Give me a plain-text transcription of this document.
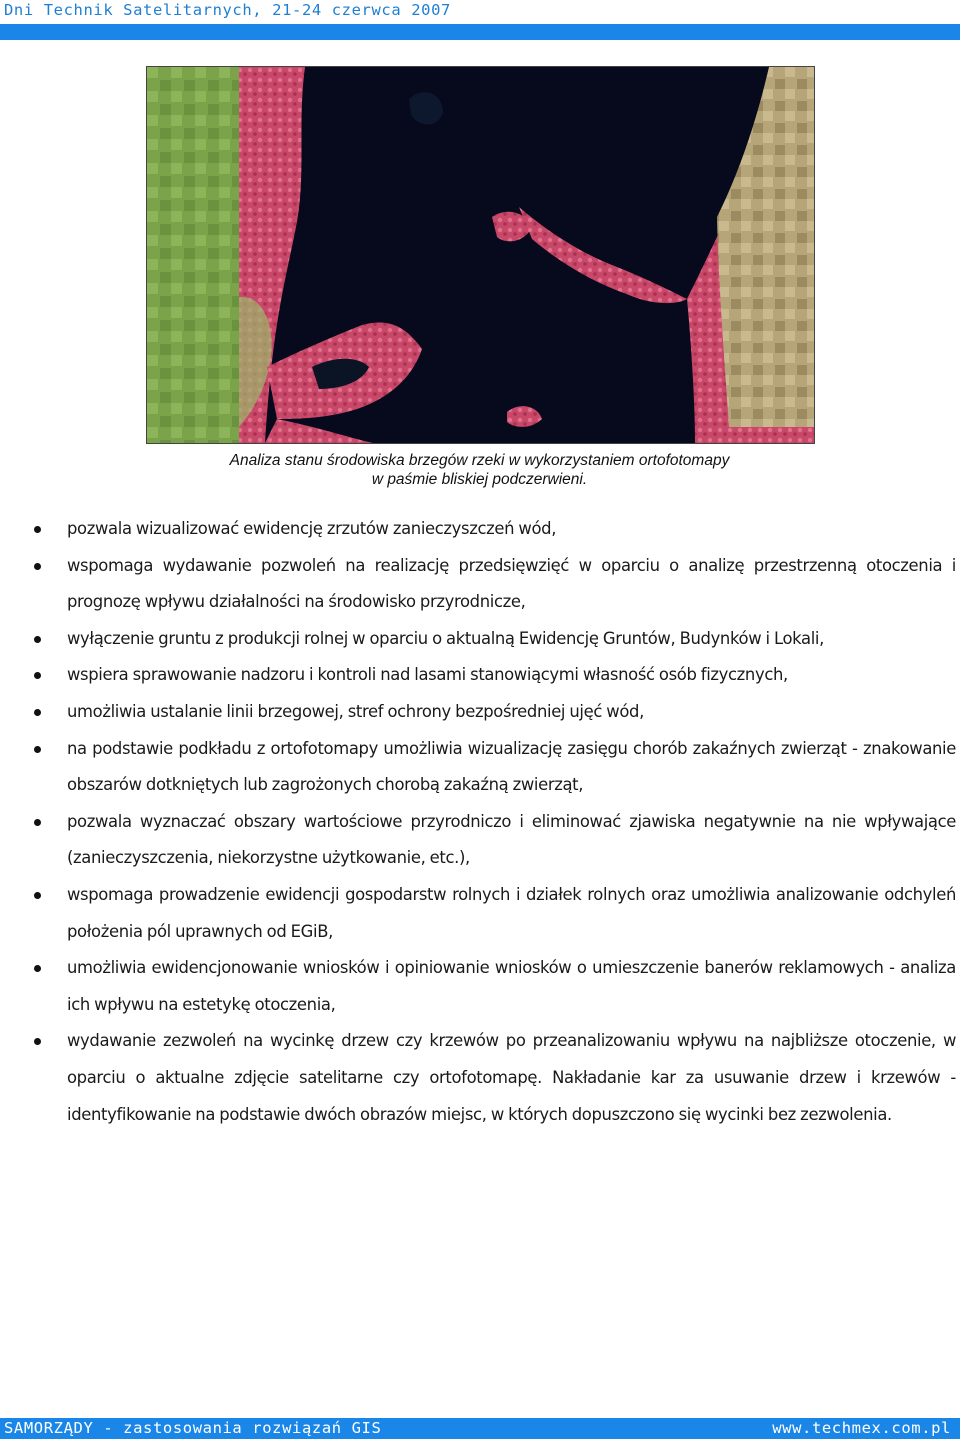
Dni Technik Satelitarnych, 21-24 czerwca 2007
Analiza stanu środowiska brzegów rzeki w wykorzystaniem ortofotomapy
w paśmie bliskiej podczerwieni.
pozwala wizualizować ewidencję zrzutów zanieczyszczeń wód,
wspomaga wydawanie pozwoleń na realizację przedsięwzięć w oparciu o analizę przestrzenną otoczenia i prognozę wpływu działalności na środowisko przyrodnicze,
wyłączenie gruntu z produkcji rolnej w oparciu o aktualną Ewidencję Gruntów, Budynków i Lokali,
wspiera sprawowanie nadzoru i kontroli nad lasami stanowiącymi własność osób fizycznych,
umożliwia ustalanie linii brzegowej, stref ochrony bezpośredniej ujęć wód,
na podstawie podkładu z ortofotomapy umożliwia wizualizację zasięgu chorób zakaźnych zwierząt - znakowanie obszarów dotkniętych lub zagrożonych chorobą zakaźną zwierząt,
pozwala wyznaczać obszary wartościowe przyrodniczo i eliminować zjawiska negatywnie na nie wpływające (zanieczyszczenia, niekorzystne użytkowanie, etc.),
wspomaga prowadzenie ewidencji gospodarstw rolnych i działek rolnych oraz umożliwia analizowanie odchyleń położenia pól uprawnych od EGiB,
umożliwia ewidencjonowanie wniosków i opiniowanie wniosków o umieszczenie banerów reklamowych - analiza ich wpływu na estetykę otoczenia,
wydawanie zezwoleń na wycinkę drzew czy krzewów po przeanalizowaniu wpływu na najbliższe otoczenie, w oparciu o aktualne zdjęcie satelitarne czy ortofotomapę. Nakładanie kar za usuwanie drzew i krzewów - identyfikowanie na podstawie dwóch obrazów miejsc, w których dopuszczono się wycinki bez zezwolenia.
SAMORZĄDY - zastosowania rozwiązań GIS	www.techmex.com.pl
